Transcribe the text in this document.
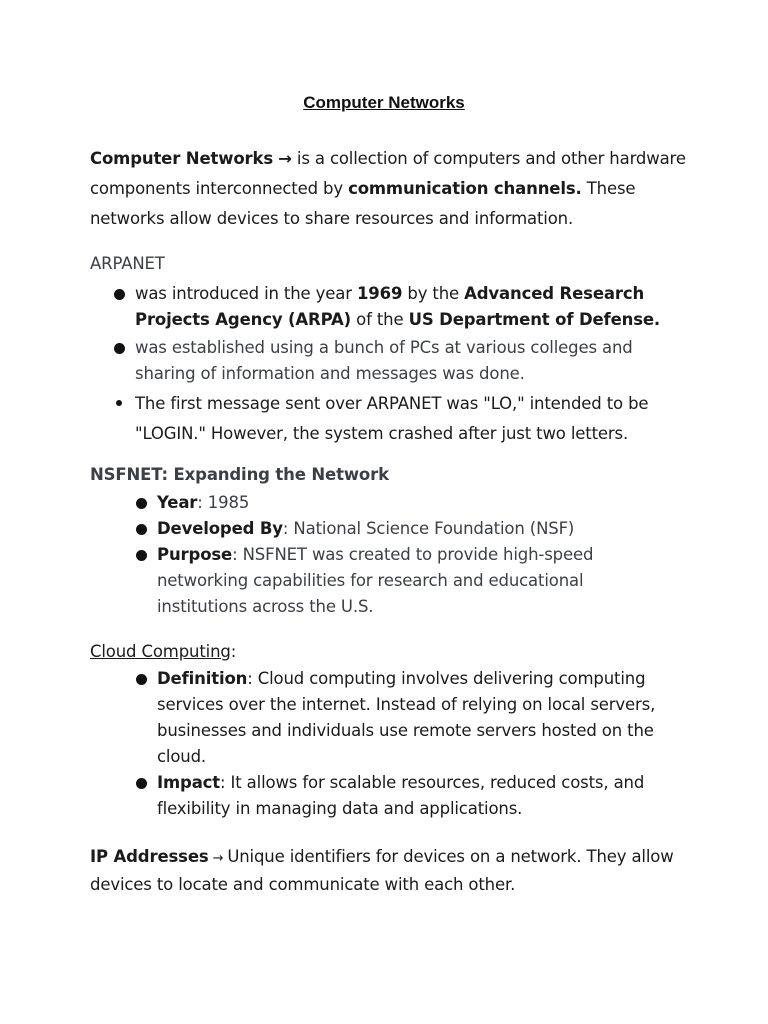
Computer Networks
Computer Networks → is a collection of computers and other hardware components interconnected by communication channels. These networks allow devices to share resources and information.
ARPANET
was introduced in the year 1969 by the Advanced Research Projects Agency (ARPA) of the US Department of Defense.
was established using a bunch of PCs at various colleges and sharing of information and messages was done.
The first message sent over ARPANET was "LO," intended to be "LOGIN." However, the system crashed after just two letters.
NSFNET: Expanding the Network
Year: 1985
Developed By: National Science Foundation (NSF)
Purpose: NSFNET was created to provide high-speed networking capabilities for research and educational institutions across the U.S.
Cloud Computing:
Definition: Cloud computing involves delivering computing services over the internet. Instead of relying on local servers, businesses and individuals use remote servers hosted on the cloud.
Impact: It allows for scalable resources, reduced costs, and flexibility in managing data and applications.
IP Addresses → Unique identifiers for devices on a network. They allow devices to locate and communicate with each other.
